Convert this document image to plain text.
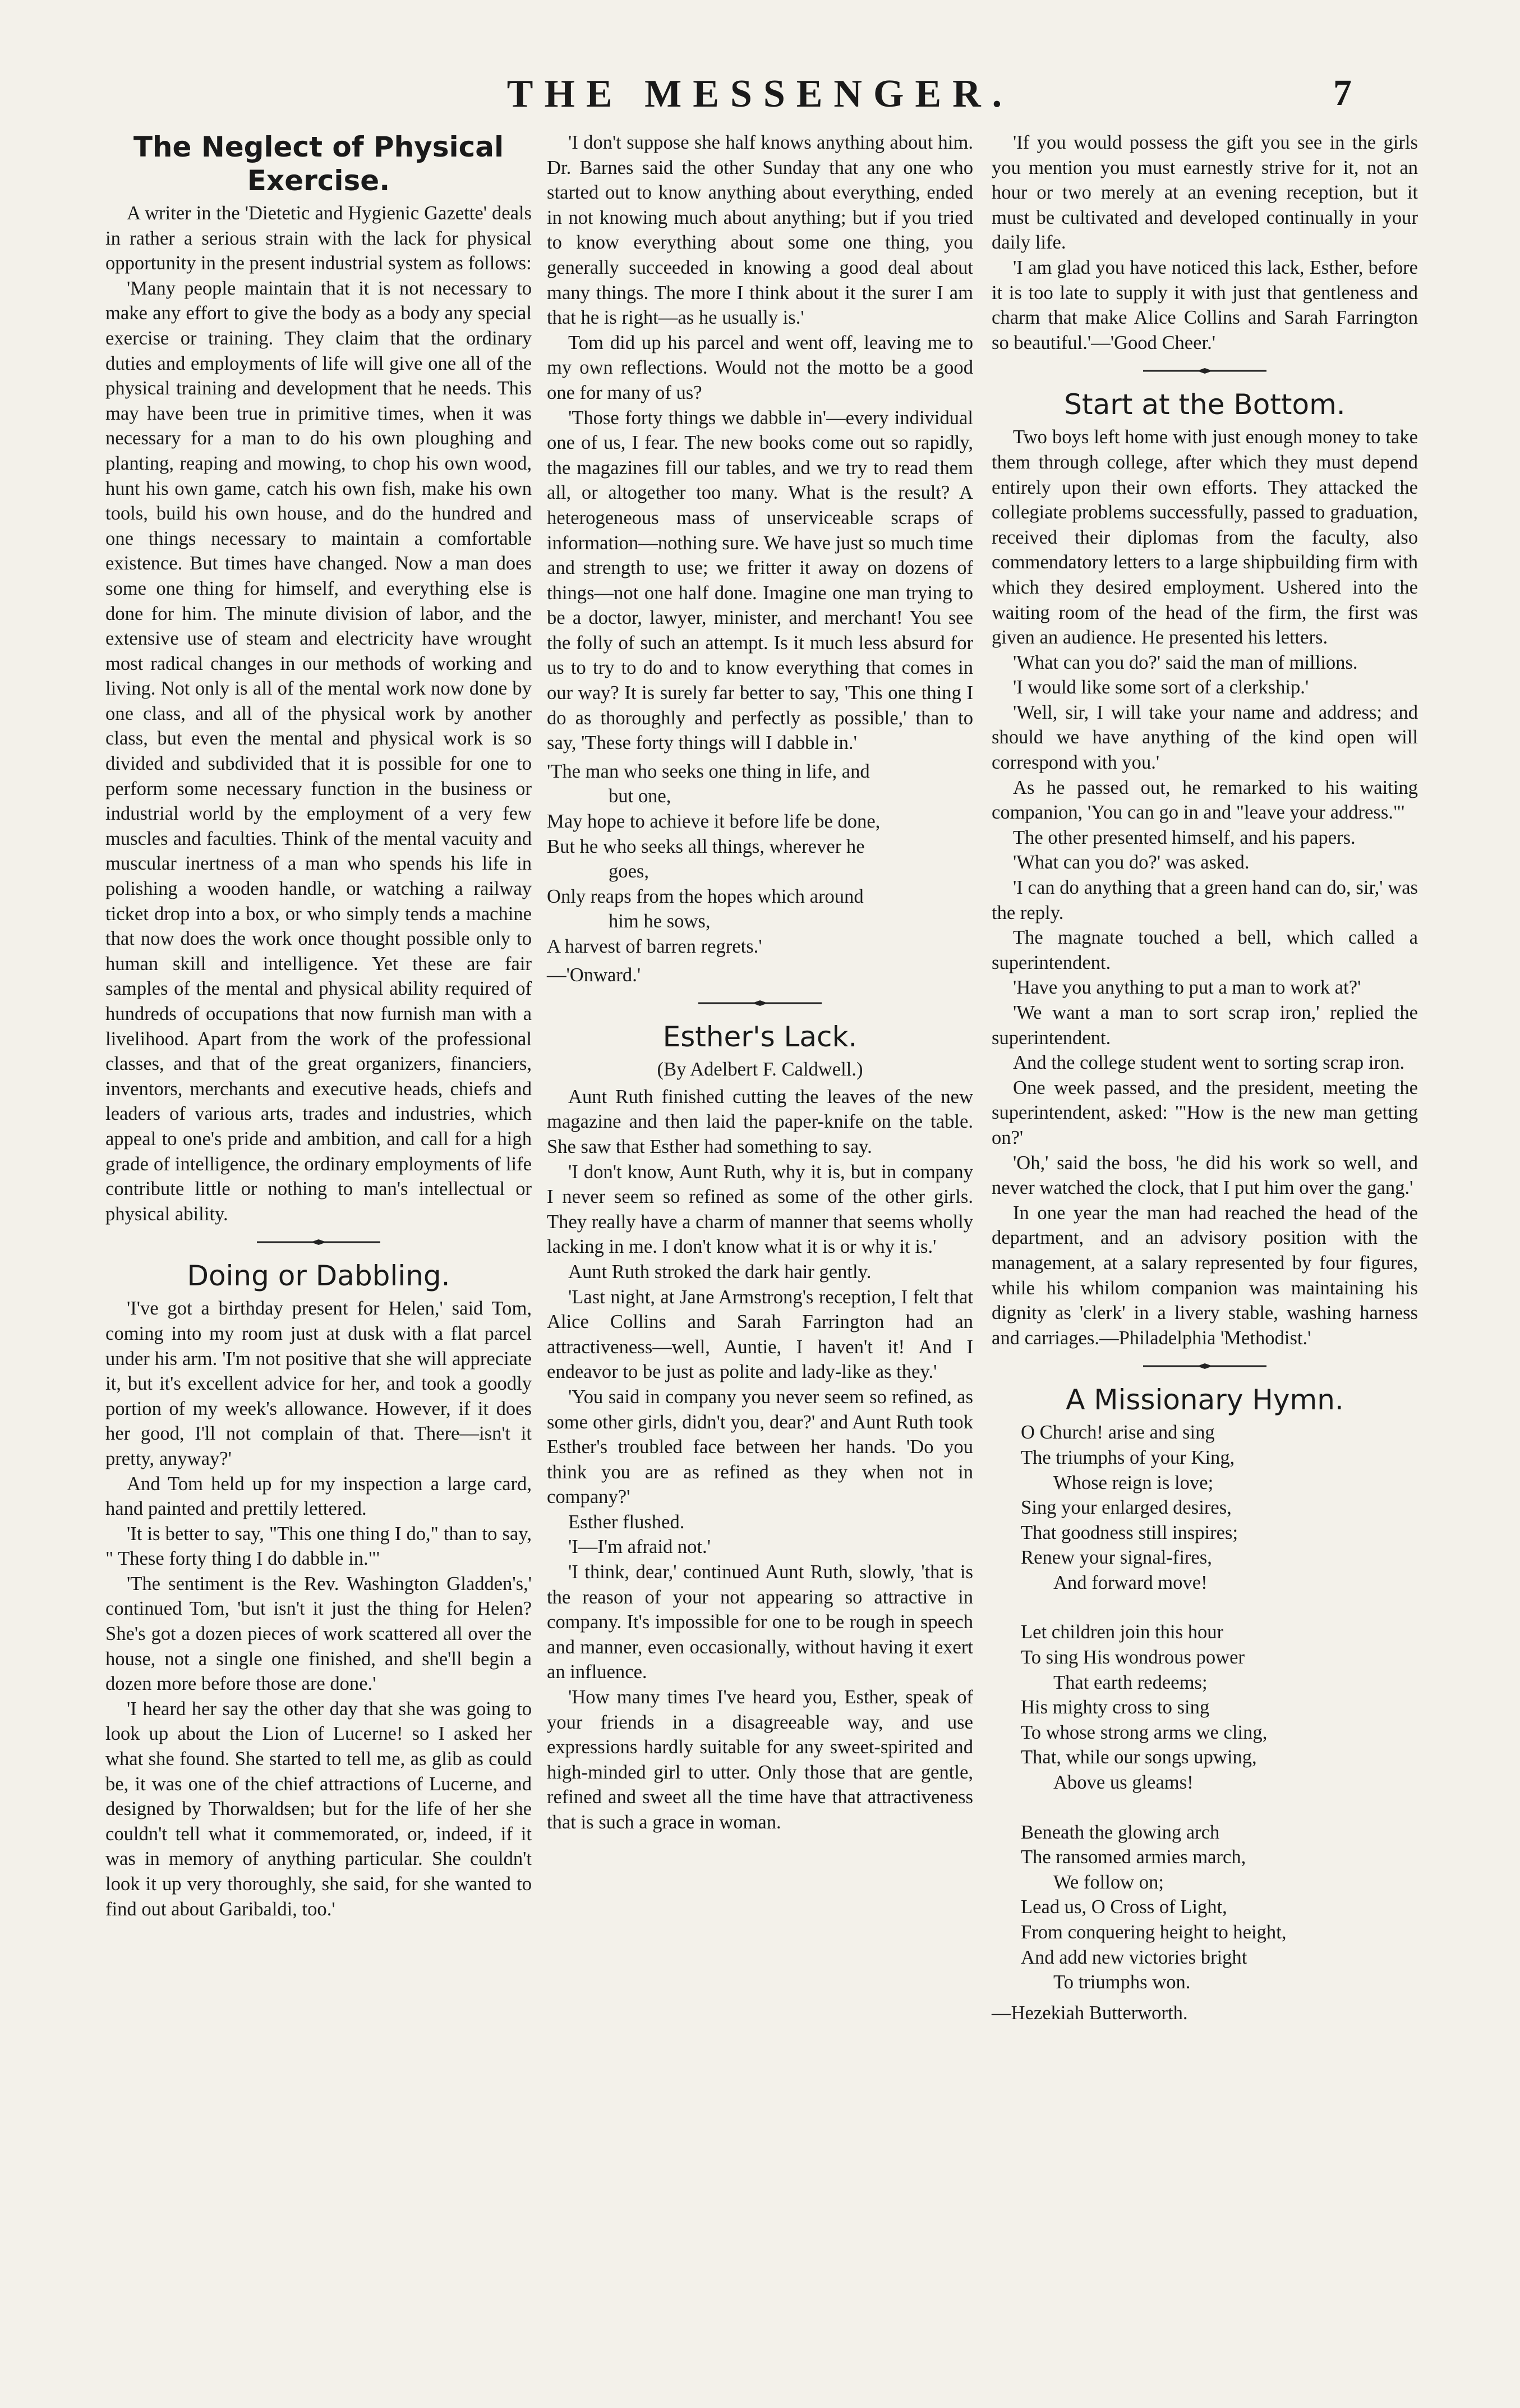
THE MESSENGER.	7
The Neglect of Physical Exercise.

A writer in the 'Dietetic and Hygienic Gazette' deals in rather a serious strain with the lack for physical opportunity in the present industrial system as follows:

'Many people maintain that it is not necessary to make any effort to give the body as a body any special exercise or training. They claim that the ordinary duties and employments of life will give one all of the physical training and development that he needs. This may have been true in primitive times, when it was necessary for a man to do his own ploughing and planting, reaping and mowing, to chop his own wood, hunt his own game, catch his own fish, make his own tools, build his own house, and do the hundred and one things necessary to maintain a comfortable existence. But times have changed. Now a man does some one thing for himself, and everything else is done for him. The minute division of labor, and the extensive use of steam and electricity have wrought most radical changes in our methods of working and living. Not only is all of the mental work now done by one class, and all of the physical work by another class, but even the mental and physical work is so divided and subdivided that it is possible for one to perform some necessary function in the business or industrial world by the employment of a very few muscles and faculties. Think of the mental vacuity and muscular inertness of a man who spends his life in polishing a wooden handle, or watching a railway ticket drop into a box, or who simply tends a machine that now does the work once thought possible only to human skill and intelligence. Yet these are fair samples of the mental and physical ability required of hundreds of occupations that now furnish man with a livelihood. Apart from the work of the professional classes, and that of the great organizers, financiers, inventors, merchants and executive heads, chiefs and leaders of various arts, trades and industries, which appeal to one's pride and ambition, and call for a high grade of intelligence, the ordinary employments of life contribute little or nothing to man's intellectual or physical ability.

Doing or Dabbling.

'I've got a birthday present for Helen,' said Tom, coming into my room just at dusk with a flat parcel under his arm. 'I'm not positive that she will appreciate it, but it's excellent advice for her, and took a goodly portion of my week's allowance. However, if it does her good, I'll not complain of that. There—isn't it pretty, anyway?'

And Tom held up for my inspection a large card, hand painted and prettily lettered.

'It is better to say, "This one thing I do," than to say, " These forty thing I do dabble in."'

'The sentiment is the Rev. Washington Gladden's,' continued Tom, 'but isn't it just the thing for Helen? She's got a dozen pieces of work scattered all over the house, not a single one finished, and she'll begin a dozen more before those are done.'

'I heard her say the other day that she was going to look up about the Lion of Lucerne! so I asked her what she found. She started to tell me, as glib as could be, it was one of the chief attractions of Lucerne, and designed by Thorwaldsen; but for the life of her she couldn't tell what it commemorated, or, indeed, if it was in memory of anything particular. She couldn't look it up very thoroughly, she said, for she wanted to find out about Garibaldi, too.'

'I don't suppose she half knows anything about him. Dr. Barnes said the other Sunday that any one who started out to know anything about everything, ended in not knowing much about anything; but if you tried to know everything about some one thing, you generally succeeded in knowing a good deal about many things. The more I think about it the surer I am that he is right—as he usually is.'

Tom did up his parcel and went off, leaving me to my own reflections. Would not the motto be a good one for many of us?

'Those forty things we dabble in'—every individual one of us, I fear. The new books come out so rapidly, the magazines fill our tables, and we try to read them all, or altogether too many. What is the result? A heterogeneous mass of unserviceable scraps of information—nothing sure. We have just so much time and strength to use; we fritter it away on dozens of things—not one half done. Imagine one man trying to be a doctor, lawyer, minister, and merchant! You see the folly of such an attempt. Is it much less absurd for us to try to do and to know everything that comes in our way? It is surely far better to say, 'This one thing I do as thoroughly and perfectly as possible,' than to say, 'These forty things will I dabble in.'

'The man who seeks one thing in life, and
but one,
May hope to achieve it before life be done,
But he who seeks all things, wherever he
goes,
Only reaps from the hopes which around
him he sows,
A harvest of barren regrets.'

—'Onward.'

Esther's Lack.

(By Adelbert F. Caldwell.)

Aunt Ruth finished cutting the leaves of the new magazine and then laid the paper-knife on the table. She saw that Esther had something to say.

'I don't know, Aunt Ruth, why it is, but in company I never seem so refined as some of the other girls. They really have a charm of manner that seems wholly lacking in me. I don't know what it is or why it is.'

Aunt Ruth stroked the dark hair gently.

'Last night, at Jane Armstrong's reception, I felt that Alice Collins and Sarah Farrington had an attractiveness—well, Auntie, I haven't it! And I endeavor to be just as polite and lady-like as they.'

'You said in company you never seem so refined, as some other girls, didn't you, dear?' and Aunt Ruth took Esther's troubled face between her hands. 'Do you think you are as refined as they when not in company?'

Esther flushed.

'I—I'm afraid not.'

'I think, dear,' continued Aunt Ruth, slowly, 'that is the reason of your not appearing so attractive in company. It's impossible for one to be rough in speech and manner, even occasionally, without having it exert an influence.

'How many times I've heard you, Esther, speak of your friends in a disagreeable way, and use expressions hardly suitable for any sweet-spirited and high-minded girl to utter. Only those that are gentle, refined and sweet all the time have that attractiveness that is such a grace in woman.

'If you would possess the gift you see in the girls you mention you must earnestly strive for it, not an hour or two merely at an evening reception, but it must be cultivated and developed continually in your daily life.

'I am glad you have noticed this lack, Esther, before it is too late to supply it with just that gentleness and charm that make Alice Collins and Sarah Farrington so beautiful.'—'Good Cheer.'

Start at the Bottom.

Two boys left home with just enough money to take them through college, after which they must depend entirely upon their own efforts. They attacked the collegiate problems successfully, passed to graduation, received their diplomas from the faculty, also commendatory letters to a large shipbuilding firm with which they desired employment. Ushered into the waiting room of the head of the firm, the first was given an audience. He presented his letters.

'What can you do?' said the man of millions.

'I would like some sort of a clerkship.'

'Well, sir, I will take your name and address; and should we have anything of the kind open will correspond with you.'

As he passed out, he remarked to his waiting companion, 'You can go in and "leave your address."'

The other presented himself, and his papers.

'What can you do?' was asked.

'I can do anything that a green hand can do, sir,' was the reply.

The magnate touched a bell, which called a superintendent.

'Have you anything to put a man to work at?'

'We want a man to sort scrap iron,' replied the superintendent.

And the college student went to sorting scrap iron.

One week passed, and the president, meeting the superintendent, asked: '"How is the new man getting on?'

'Oh,' said the boss, 'he did his work so well, and never watched the clock, that I put him over the gang.'

In one year the man had reached the head of the department, and an advisory position with the management, at a salary represented by four figures, while his whilom companion was maintaining his dignity as 'clerk' in a livery stable, washing harness and carriages.—Philadelphia 'Methodist.'

A Missionary Hymn.
O Church! arise and sing
The triumphs of your King,
Whose reign is love;
Sing your enlarged desires,
That goodness still inspires;
Renew your signal-fires,
And forward move!
Let children join this hour
To sing His wondrous power
That earth redeems;
His mighty cross to sing
To whose strong arms we cling,
That, while our songs upwing,
Above us gleams!
Beneath the glowing arch
The ransomed armies march,
We follow on;
Lead us, O Cross of Light,
From conquering height to height,
And add new victories bright
To triumphs won.

—Hezekiah Butterworth.
